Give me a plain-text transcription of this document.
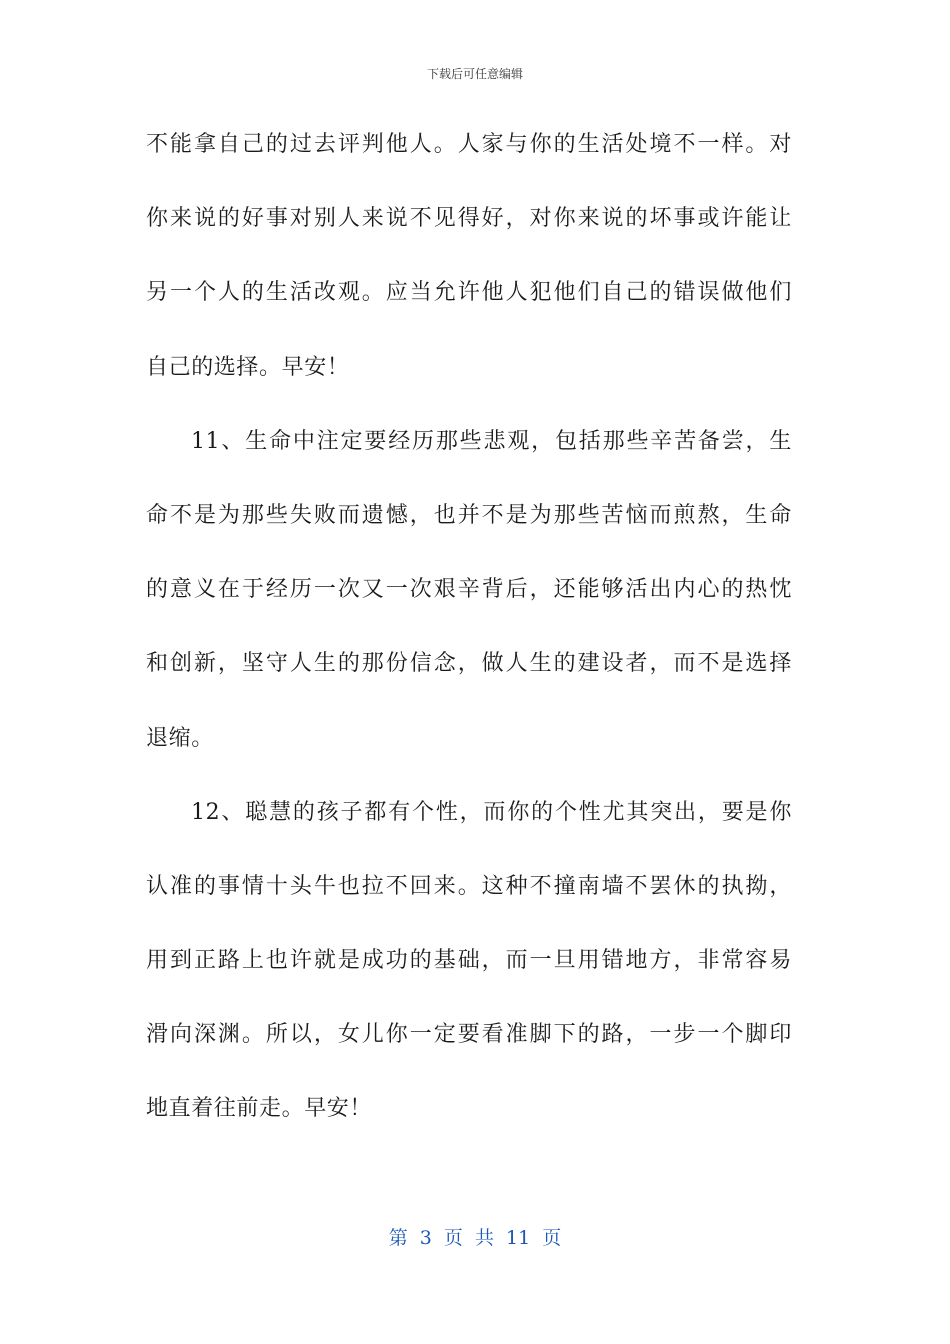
下载后可任意编辑
不能拿自己的过去评判他人。人家与你的生活处境不一样。对
你来说的好事对别人来说不见得好，对你来说的坏事或许能让
另一个人的生活改观。应当允许他人犯他们自己的错误做他们
自己的选择。早安！
11、生命中注定要经历那些悲观，包括那些辛苦备尝，生
命不是为那些失败而遗憾，也并不是为那些苦恼而煎熬，生命
的意义在于经历一次又一次艰辛背后，还能够活出内心的热忱
和创新，坚守人生的那份信念，做人生的建设者，而不是选择
退缩。
12、聪慧的孩子都有个性，而你的个性尤其突出，要是你
认准的事情十头牛也拉不回来。这种不撞南墙不罢休的执拗，
用到正路上也许就是成功的基础，而一旦用错地方，非常容易
滑向深渊。所以，女儿你一定要看准脚下的路，一步一个脚印
地直着往前走。早安！
第 3 页 共 11 页
